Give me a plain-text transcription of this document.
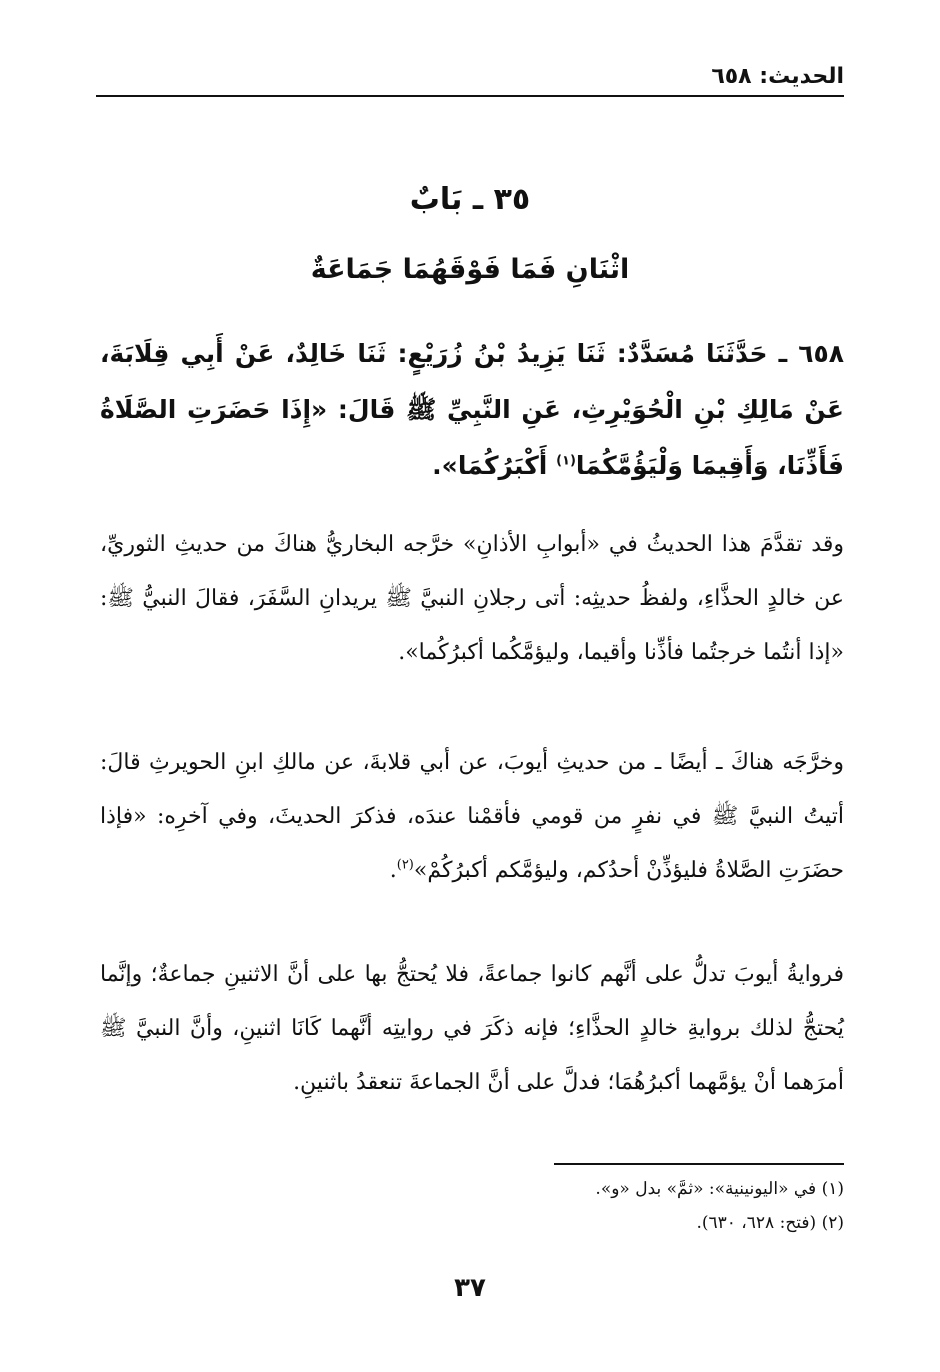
الحديث: ٦٥٨
٣٥ ـ بَابٌ
اثْنَانِ فَمَا فَوْقَهُمَا جَمَاعَةٌ
٦٥٨ ـ حَدَّثَنَا مُسَدَّدٌ: ثَنَا يَزِيدُ بْنُ زُرَيْعٍ: ثَنَا خَالِدٌ، عَنْ أَبِي قِلَابَةَ، عَنْ مَالِكِ بْنِ الْحُوَيْرِثِ، عَنِ النَّبِيِّ ﷺ قَالَ: «إِذَا حَضَرَتِ الصَّلَاةُ فَأَذِّنَا، وَأَقِيمَا وَلْيَؤُمَّكُمَا$^{(١)}$ أَكْبَرُكُمَا».
وقد تقدَّمَ هذا الحديثُ في «أبوابِ الأذانِ» خرَّجه البخاريُّ هناكَ من حديثِ الثوريِّ، عن خالدٍ الحذَّاءِ، ولفظُ حديثِه: أتى رجلانِ النبيَّ ﷺ يريدانِ السَّفَرَ، فقالَ النبيُّ ﷺ: «إذا أنتُما خرجتُما فأذِّنا وأقيما، وليؤمَّكُما أكبرُكُما».
وخرَّجَه هناكَ ـ أيضًا ـ من حديثِ أيوبَ، عن أبي قلابةَ، عن مالكِ ابنِ الحويرثِ قالَ: أتيتُ النبيَّ ﷺ في نفرٍ من قومي فأقمْنا عندَه، فذكرَ الحديثَ، وفي آخرِه: «فإذا حضَرَتِ الصَّلاةُ فليؤذِّنْ أحدُكم، وليؤمَّكم أكبرُكُمْ»$^{(٢)}$.
فروايةُ أيوبَ تدلُّ على أنَّهم كانوا جماعةً، فلا يُحتجُّ بها على أنَّ الاثنينِ جماعةٌ؛ وإنَّما يُحتجُّ لذلك بروايةِ خالدٍ الحذَّاءِ؛ فإنه ذكَرَ في روايتِه أنَّهما كَانَا اثنينِ، وأنَّ النبيَّ ﷺ أمرَهما أنْ يؤمَّهما أكبرُهُمَا؛ فدلَّ على أنَّ الجماعةَ تنعقدُ باثنينِ.
(١) في «اليونينية»: «ثمَّ» بدل «و».
(٢) (فتح: ٦٢٨، ٦٣٠).
٣٧
